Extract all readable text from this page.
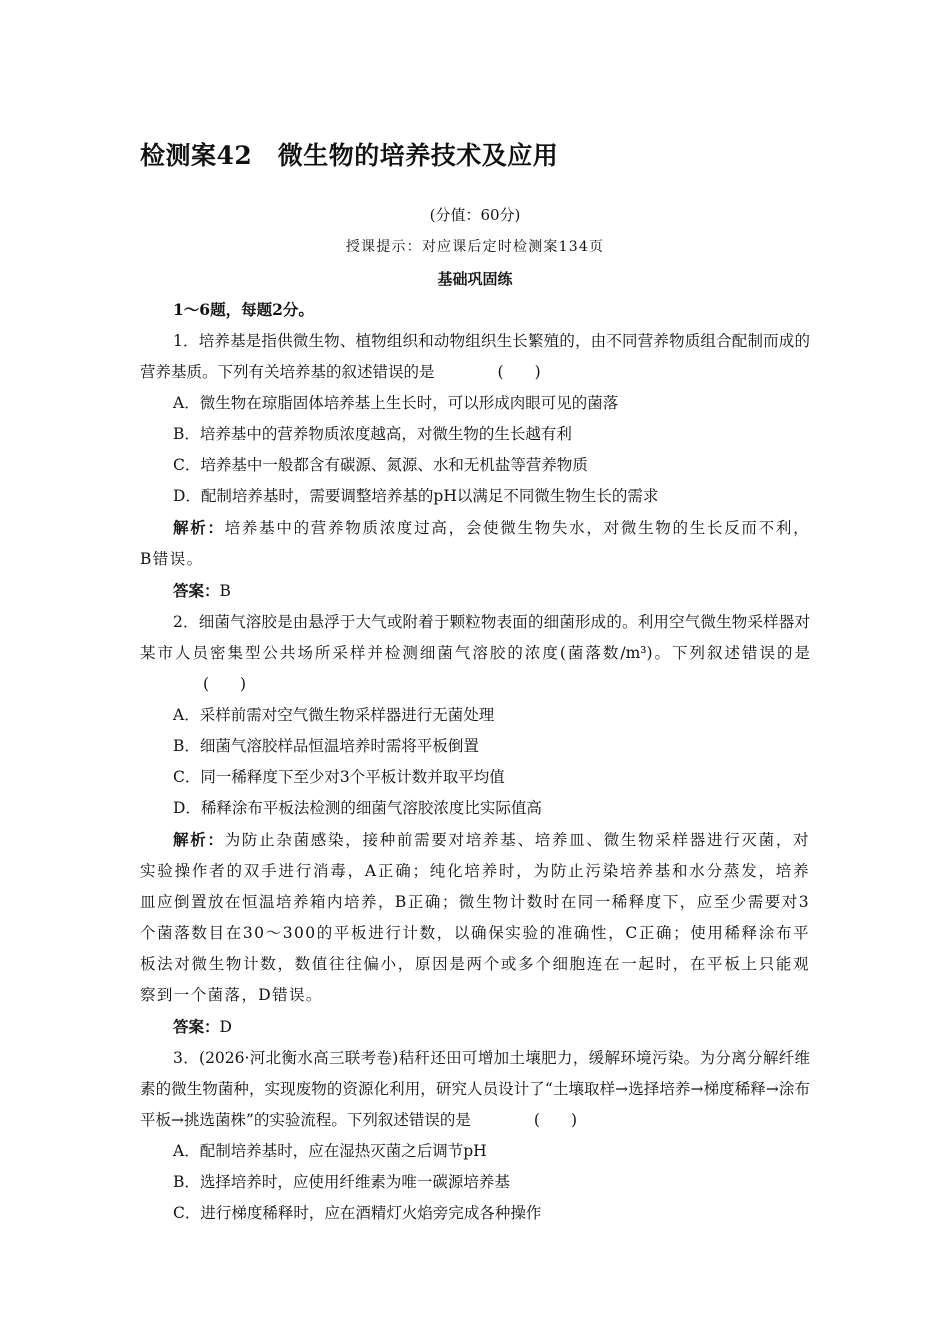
检测案42　微生物的培养技术及应用
(分值：60分)
授课提示：对应课后定时检测案134页
基础巩固练

1～6题，每题2分。

1．培养基是指供微生物、植物组织和动物组织生长繁殖的，由不同营养物质组合配制而成的营养基质。下列有关培养基的叙述错误的是	(　　)

A．微生物在琼脂固体培养基上生长时，可以形成肉眼可见的菌落

B．培养基中的营养物质浓度越高，对微生物的生长越有利

C．培养基中一般都含有碳源、氮源、水和无机盐等营养物质

D．配制培养基时，需要调整培养基的pH以满足不同微生物生长的需求

解析：培养基中的营养物质浓度过高，会使微生物失水，对微生物的生长反而不利，B错误。

答案：B

2．细菌气溶胶是由悬浮于大气或附着于颗粒物表面的细菌形成的。利用空气微生物采样器对某市人员密集型公共场所采样并检测细菌气溶胶的浓度(菌落数/m³)。下列叙述错误的是(　　)

A．采样前需对空气微生物采样器进行无菌处理

B．细菌气溶胶样品恒温培养时需将平板倒置

C．同一稀释度下至少对3个平板计数并取平均值

D．稀释涂布平板法检测的细菌气溶胶浓度比实际值高

解析：为防止杂菌感染，接种前需要对培养基、培养皿、微生物采样器进行灭菌，对实验操作者的双手进行消毒，A正确；纯化培养时，为防止污染培养基和水分蒸发，培养皿应倒置放在恒温培养箱内培养，B正确；微生物计数时在同一稀释度下，应至少需要对3个菌落数目在30～300的平板进行计数，以确保实验的准确性，C正确；使用稀释涂布平板法对微生物计数，数值往往偏小，原因是两个或多个细胞连在一起时，在平板上只能观察到一个菌落，D错误。

答案：D

3．(2026·河北衡水高三联考卷)秸秆还田可增加土壤肥力，缓解环境污染。为分离分解纤维素的微生物菌种，实现废物的资源化利用，研究人员设计了“土壤取样→选择培养→梯度稀释→涂布平板→挑选菌株”的实验流程。下列叙述错误的是	(　　)

A．配制培养基时，应在湿热灭菌之后调节pH

B．选择培养时，应使用纤维素为唯一碳源培养基

C．进行梯度稀释时，应在酒精灯火焰旁完成各种操作
